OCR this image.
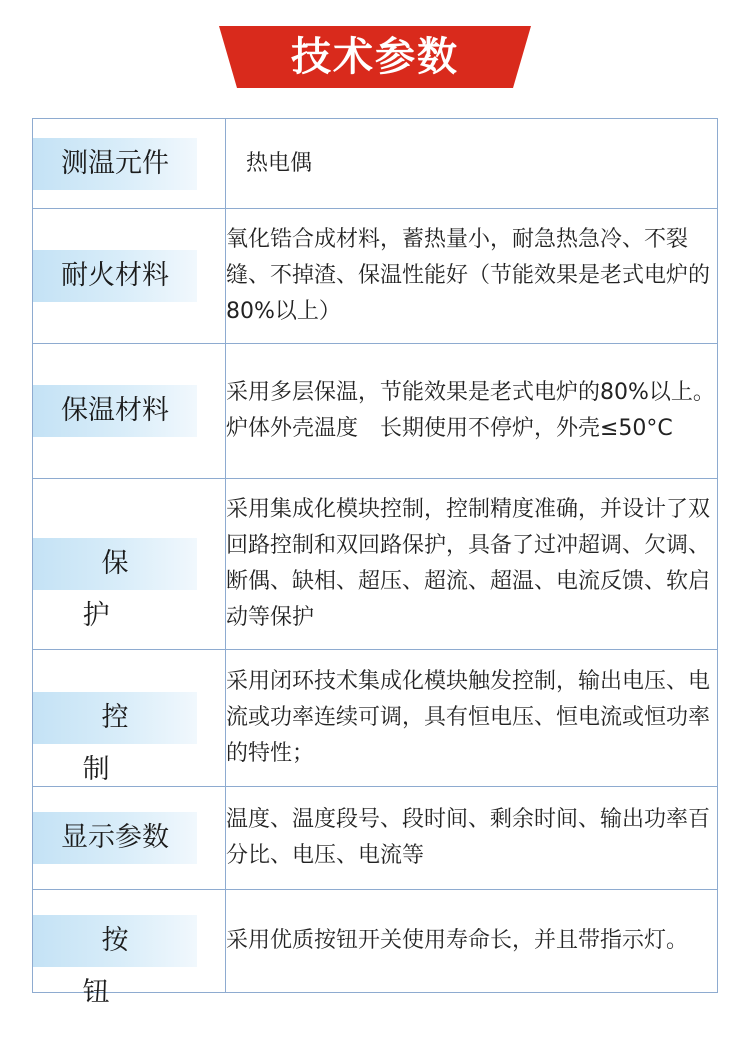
技术参数
测温元件	热电偶

耐火材料	氧化锆合成材料，蓄热量小，耐急热急冷、不裂缝、不掉渣、保温性能好（节能效果是老式电炉的80%以上）

保温材料	采用多层保温，节能效果是老式电炉的80%以上。炉体外壳温度　长期使用不停炉，外壳≤50°C

保护	采用集成化模块控制，控制精度准确，并设计了双回路控制和双回路保护，具备了过冲超调、欠调、断偶、缺相、超压、超流、超温、电流反馈、软启动等保护

控制	采用闭环技术集成化模块触发控制，输出电压、电流或功率连续可调，具有恒电压、恒电流或恒功率的特性；

显示参数	温度、温度段号、段时间、剩余时间、输出功率百分比、电压、电流等

按钮	采用优质按钮开关使用寿命长，并且带指示灯。
